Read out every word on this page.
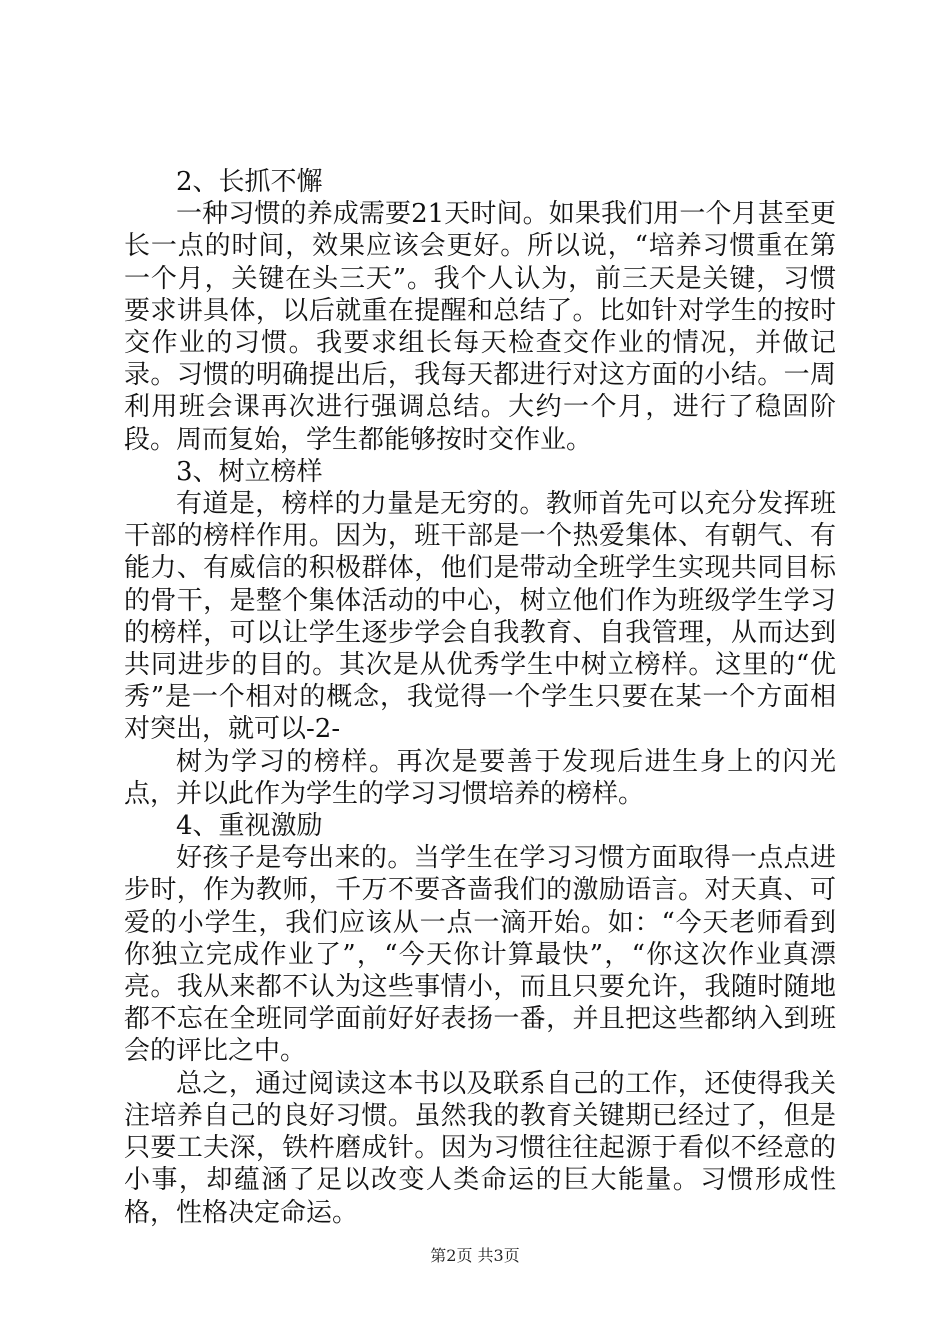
2、长抓不懈

一种习惯的养成需要21天时间。如果我们用一个月甚至更长一点的时间，效果应该会更好。所以说，“培养习惯重在第一个月，关键在头三天”。我个人认为，前三天是关键，习惯要求讲具体，以后就重在提醒和总结了。比如针对学生的按时交作业的习惯。我要求组长每天检查交作业的情况，并做记录。习惯的明确提出后，我每天都进行对这方面的小结。一周利用班会课再次进行强调总结。大约一个月，进行了稳固阶段。周而复始，学生都能够按时交作业。

3、树立榜样

有道是，榜样的力量是无穷的。教师首先可以充分发挥班干部的榜样作用。因为，班干部是一个热爱集体、有朝气、有能力、有威信的积极群体，他们是带动全班学生实现共同目标的骨干，是整个集体活动的中心，树立他们作为班级学生学习的榜样，可以让学生逐步学会自我教育、自我管理，从而达到共同进步的目的。其次是从优秀学生中树立榜样。这里的“优秀”是一个相对的概念，我觉得一个学生只要在某一个方面相对突出，就可以-2-

树为学习的榜样。再次是要善于发现后进生身上的闪光点，并以此作为学生的学习习惯培养的榜样。

4、重视激励

好孩子是夸出来的。当学生在学习习惯方面取得一点点进步时，作为教师，千万不要吝啬我们的激励语言。对天真、可爱的小学生，我们应该从一点一滴开始。如：“今天老师看到你独立完成作业了”，“今天你计算最快”，“你这次作业真漂亮。我从来都不认为这些事情小，而且只要允许，我随时随地都不忘在全班同学面前好好表扬一番，并且把这些都纳入到班会的评比之中。

总之，通过阅读这本书以及联系自己的工作，还使得我关注培养自己的良好习惯。虽然我的教育关键期已经过了，但是只要工夫深，铁杵磨成针。因为习惯往往起源于看似不经意的小事，却蕴涵了足以改变人类命运的巨大能量。习惯形成性格，性格决定命运。

第2页 共3页
